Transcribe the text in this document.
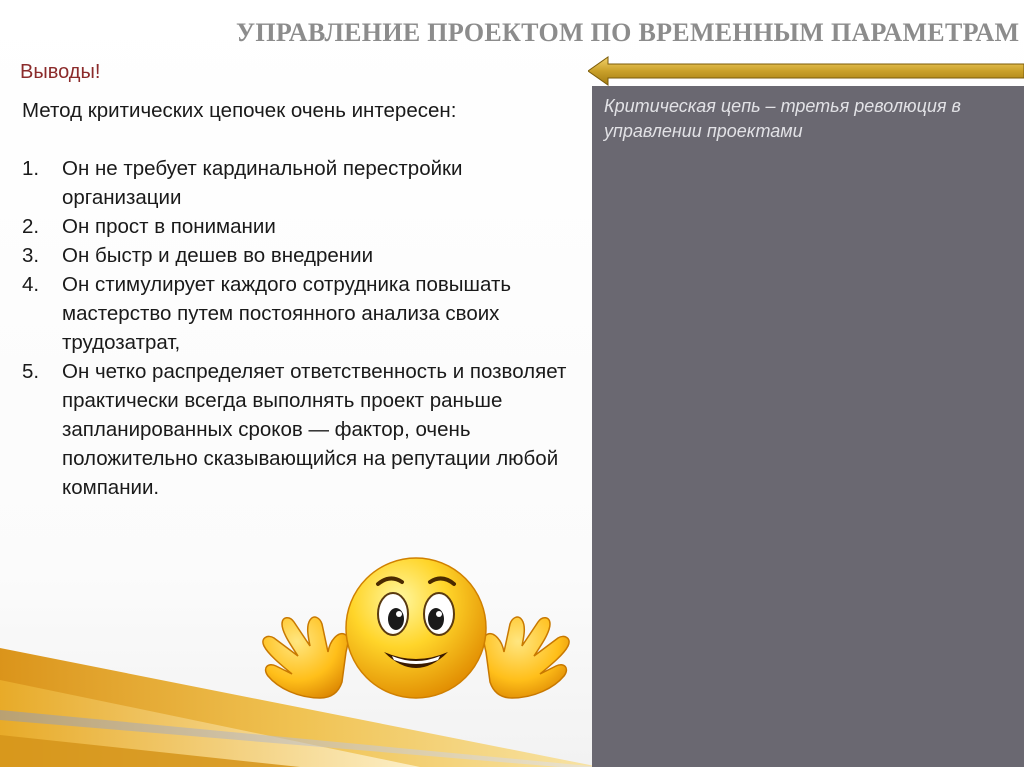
УПРАВЛЕНИЕ ПРОЕКТОМ ПО ВРЕМЕННЫМ ПАРАМЕТРАМ
Выводы!
Критическая цепь – третья революция в управлении проектами

Метод критических цепочек очень интересен:

1. Он не требует кардинальной перестройки организации
2. Он прост в понимании
3. Он быстр и дешев во внедрении
4. Он стимулирует каждого сотрудника повышать мастерство путем постоянного анализа своих трудозатрат,
5. Он четко распределяет ответственность и позволяет практически всегда выполнять проект раньше запланированных сроков — фактор, очень положительно сказывающийся на репутации любой компании.
